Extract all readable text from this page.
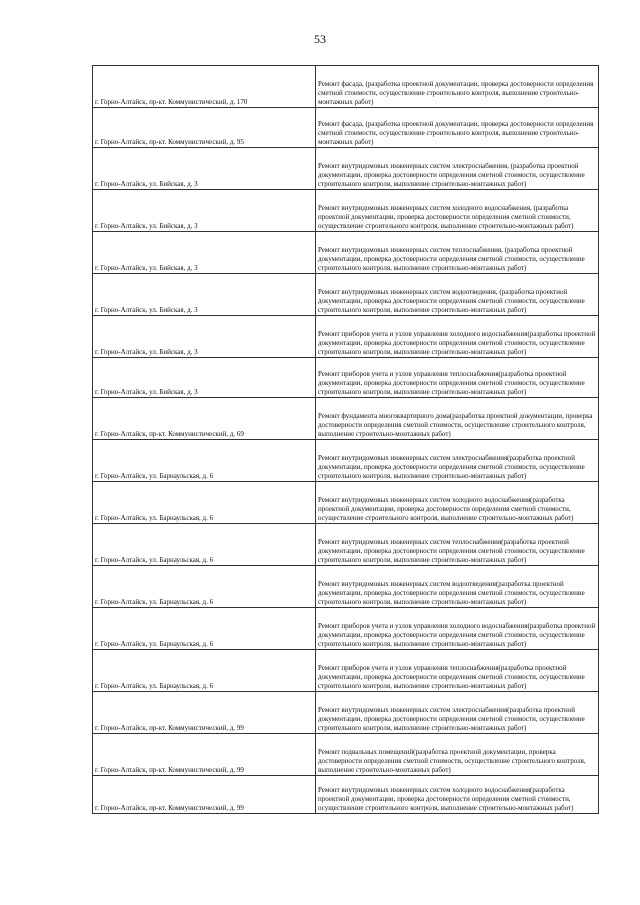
53
г. Горно-Алтайск, пр-кт. Коммунистический, д. 170	Ремонт фасада, (разработка проектной документации, проверка достоверности определения сметной стоимости, осуществление строительного контроля, выполнение строительно-монтажных работ)
г. Горно-Алтайск, пр-кт. Коммунистический, д. 95	Ремонт фасада, (разработка проектной документации, проверка достоверности определения сметной стоимости, осуществление строительного контроля, выполнение строительно-монтажных работ)
г. Горно-Алтайск, ул. Бийская, д. 3	Ремонт внутридомовых инженерных систем электроснабжения, (разработка проектной документации, проверка достоверности определения сметной стоимости, осуществление строительного контроля, выполнение строительно-монтажных работ)
г. Горно-Алтайск, ул. Бийская, д. 3	Ремонт внутридомовых инженерных систем холодного водоснабжения, (разработка проектной документации, проверка достоверности определения сметной стоимости, осуществление строительного контроля, выполнение строительно-монтажных работ)
г. Горно-Алтайск, ул. Бийская, д. 3	Ремонт внутридомовых инженерных систем теплоснабжения, (разработка проектной документации, проверка достоверности определения сметной стоимости, осуществление строительного контроля, выполнение строительно-монтажных работ)
г. Горно-Алтайск, ул. Бийская, д. 3	Ремонт внутридомовых инженерных систем водоотведения, (разработка проектной документации, проверка достоверности определения сметной стоимости, осуществление строительного контроля, выполнение строительно-монтажных работ)
г. Горно-Алтайск, ул. Бийская, д. 3	Ремонт приборов учета и узлов управления холодного водоснабжения(разработка проектной документации, проверка достоверности определения сметной стоимости, осуществление строительного контроля, выполнение строительно-монтажных работ)
г. Горно-Алтайск, ул. Бийская, д. 3	Ремонт приборов учета и узлов управления теплоснабжения(разработка проектной документации, проверка достоверности определения сметной стоимости, осуществление строительного контроля, выполнение строительно-монтажных работ)
г. Горно-Алтайск, пр-кт. Коммунистический, д. 69	Ремонт фундамента многоквартирного дома(разработка проектной документации, проверка достоверности определения сметной стоимости, осуществление строительного контроля, выполнение строительно-монтажных работ)
г. Горно-Алтайск, ул. Барнаульская, д. 6	Ремонт внутридомовых инженерных систем электроснабжения(разработка проектной документации, проверка достоверности определения сметной стоимости, осуществление строительного контроля, выполнение строительно-монтажных работ)
г. Горно-Алтайск, ул. Барнаульская, д. 6	Ремонт внутридомовых инженерных систем холодного водоснабжения(разработка проектной документации, проверка достоверности определения сметной стоимости, осуществление строительного контроля, выполнение строительно-монтажных работ)
г. Горно-Алтайск, ул. Барнаульская, д. 6	Ремонт внутридомовых инженерных систем теплоснабжения(разработка проектной документации, проверка достоверности определения сметной стоимости, осуществление строительного контроля, выполнение строительно-монтажных работ)
г. Горно-Алтайск, ул. Барнаульская, д. 6	Ремонт внутридомовых инженерных систем водоотведения(разработка проектной документации, проверка достоверности определения сметной стоимости, осуществление строительного контроля, выполнение строительно-монтажных работ)
г. Горно-Алтайск, ул. Барнаульская, д. 6	Ремонт приборов учета и узлов управления холодного водоснабжения(разработка проектной документации, проверка достоверности определения сметной стоимости, осуществление строительного контроля, выполнение строительно-монтажных работ)
г. Горно-Алтайск, ул. Барнаульская, д. 6	Ремонт приборов учета и узлов управления теплоснабжения(разработка проектной документации, проверка достоверности определения сметной стоимости, осуществление строительного контроля, выполнение строительно-монтажных работ)
г. Горно-Алтайск, пр-кт. Коммунистический, д. 99	Ремонт внутридомовых инженерных систем электроснабжения(разработка проектной документации, проверка достоверности определения сметной стоимости, осуществление строительного контроля, выполнение строительно-монтажных работ)
г. Горно-Алтайск, пр-кт. Коммунистический, д. 99	Ремонт подвальных помещений(разработка проектной документации, проверка достоверности определения сметной стоимости, осуществление строительного контроля, выполнение строительно-монтажных работ)
г. Горно-Алтайск, пр-кт. Коммунистический, д. 99	Ремонт внутридомовых инженерных систем холодного водоснабжения(разработка проектной документации, проверка достоверности определения сметной стоимости, осуществление строительного контроля, выполнение строительно-монтажных работ)
